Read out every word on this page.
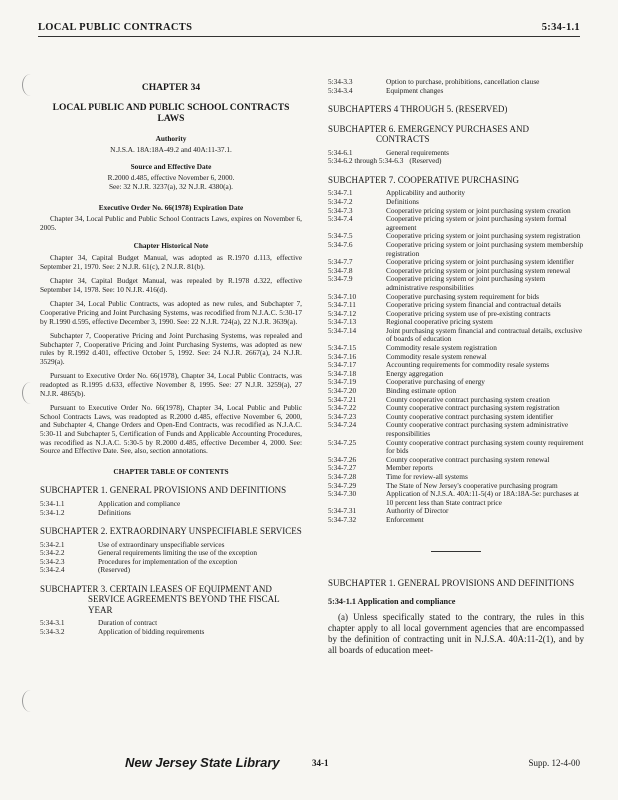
LOCAL PUBLIC CONTRACTS	5:34-1.1
CHAPTER 34
LOCAL PUBLIC AND PUBLIC SCHOOL CONTRACTS LAWS
Authority
N.J.S.A. 18A:18A-49.2 and 40A:11-37.1.
Source and Effective Date
R.2000 d.485, effective November 6, 2000.
See: 32 N.J.R. 3237(a), 32 N.J.R. 4380(a).
Executive Order No. 66(1978) Expiration Date

Chapter 34, Local Public and Public School Contracts Laws, expires on November 6, 2005.

Chapter Historical Note

Chapter 34, Capital Budget Manual, was adopted as R.1970 d.113, effective September 21, 1970. See: 2 N.J.R. 61(c), 2 N.J.R. 81(b).

Chapter 34, Capital Budget Manual, was repealed by R.1978 d.322, effective September 14, 1978. See: 10 N.J.R. 416(d).

Chapter 34, Local Public Contracts, was adopted as new rules, and Subchapter 7, Cooperative Pricing and Joint Purchasing Systems, was recodified from N.J.A.C. 5:30-17 by R.1990 d.595, effective December 3, 1990. See: 22 N.J.R. 724(a), 22 N.J.R. 3639(a).

Subchapter 7, Cooperative Pricing and Joint Purchasing Systems, was repealed and Subchapter 7, Cooperative Pricing and Joint Purchasing Systems, was adopted as new rules by R.1992 d.401, effective October 5, 1992. See: 24 N.J.R. 2667(a), 24 N.J.R. 3529(a).

Pursuant to Executive Order No. 66(1978), Chapter 34, Local Public Contracts, was readopted as R.1995 d.633, effective November 8, 1995. See: 27 N.J.R. 3259(a), 27 N.J.R. 4865(b).

Pursuant to Executive Order No. 66(1978), Chapter 34, Local Public and Public School Contracts Laws, was readopted as R.2000 d.485, effective November 6, 2000, and Subchapter 4, Change Orders and Open-End Contracts, was recodified as N.J.A.C. 5:30-11 and Subchapter 5, Certification of Funds and Applicable Accounting Procedures, was recodified as N.J.A.C. 5:30-5 by R.2000 d.485, effective December 4, 2000. See: Source and Effective Date. See, also, section annotations.

CHAPTER TABLE OF CONTENTS
SUBCHAPTER 1. GENERAL PROVISIONS AND DEFINITIONS
5:34-1.1	Application and compliance
5:34-1.2	Definitions
SUBCHAPTER 2. EXTRAORDINARY UNSPECIFIABLE SERVICES
5:34-2.1	Use of extraordinary unspecifiable services
5:34-2.2	General requirements limiting the use of the exception
5:34-2.3	Procedures for implementation of the exception
5:34-2.4	(Reserved)
SUBCHAPTER 3. CERTAIN LEASES OF EQUIPMENT AND SERVICE AGREEMENTS BEYOND THE FISCAL YEAR
5:34-3.1	Duration of contract
5:34-3.2	Application of bidding requirements
5:34-3.3	Option to purchase, prohibitions, cancellation clause
5:34-3.4	Equipment changes
SUBCHAPTERS 4 THROUGH 5. (RESERVED)
SUBCHAPTER 6. EMERGENCY PURCHASES AND CONTRACTS
5:34-6.1	General requirements
5:34-6.2 through 5:34-6.3 (Reserved)
SUBCHAPTER 7. COOPERATIVE PURCHASING
5:34-7.1	Applicability and authority
5:34-7.2	Definitions
5:34-7.3	Cooperative pricing system or joint purchasing system creation
5:34-7.4	Cooperative pricing system or joint purchasing system formal agreement
5:34-7.5	Cooperative pricing system or joint purchasing system registration
5:34-7.6	Cooperative pricing system or joint purchasing system membership registration
5:34-7.7	Cooperative pricing system or joint purchasing system identifier
5:34-7.8	Cooperative pricing system or joint purchasing system renewal
5:34-7.9	Cooperative pricing system or joint purchasing system administrative responsibilities
5:34-7.10	Cooperative purchasing system requirement for bids
5:34-7.11	Cooperative pricing system financial and contractual details
5:34-7.12	Cooperative pricing system use of pre-existing contracts
5:34-7.13	Regional cooperative pricing system
5:34-7.14	Joint purchasing system financial and contractual details, exclusive of boards of education
5:34-7.15	Commodity resale system registration
5:34-7.16	Commodity resale system renewal
5:34-7.17	Accounting requirements for commodity resale systems
5:34-7.18	Energy aggregation
5:34-7.19	Cooperative purchasing of energy
5:34-7.20	Binding estimate option
5:34-7.21	County cooperative contract purchasing system creation
5:34-7.22	County cooperative contract purchasing system registration
5:34-7.23	County cooperative contract purchasing system identifier
5:34-7.24	County cooperative contract purchasing system administrative responsibilities
5:34-7.25	County cooperative contract purchasing system county requirement for bids
5:34-7.26	County cooperative contract purchasing system renewal
5:34-7.27	Member reports
5:34-7.28	Time for review-all systems
5:34-7.29	The State of New Jersey's cooperative purchasing program
5:34-7.30	Application of N.J.S.A. 40A:11-5(4) or 18A:18A-5e: purchases at 10 percent less than State contract price
5:34-7.31	Authority of Director
5:34-7.32	Enforcement
SUBCHAPTER 1. GENERAL PROVISIONS AND DEFINITIONS
5:34-1.1 Application and compliance
(a) Unless specifically stated to the contrary, the rules in this chapter apply to all local government agencies that are encompassed by the definition of contracting unit in N.J.S.A. 40A:11-2(1), and by all boards of education meet-
New Jersey State Library	34-1	Supp. 12-4-00
